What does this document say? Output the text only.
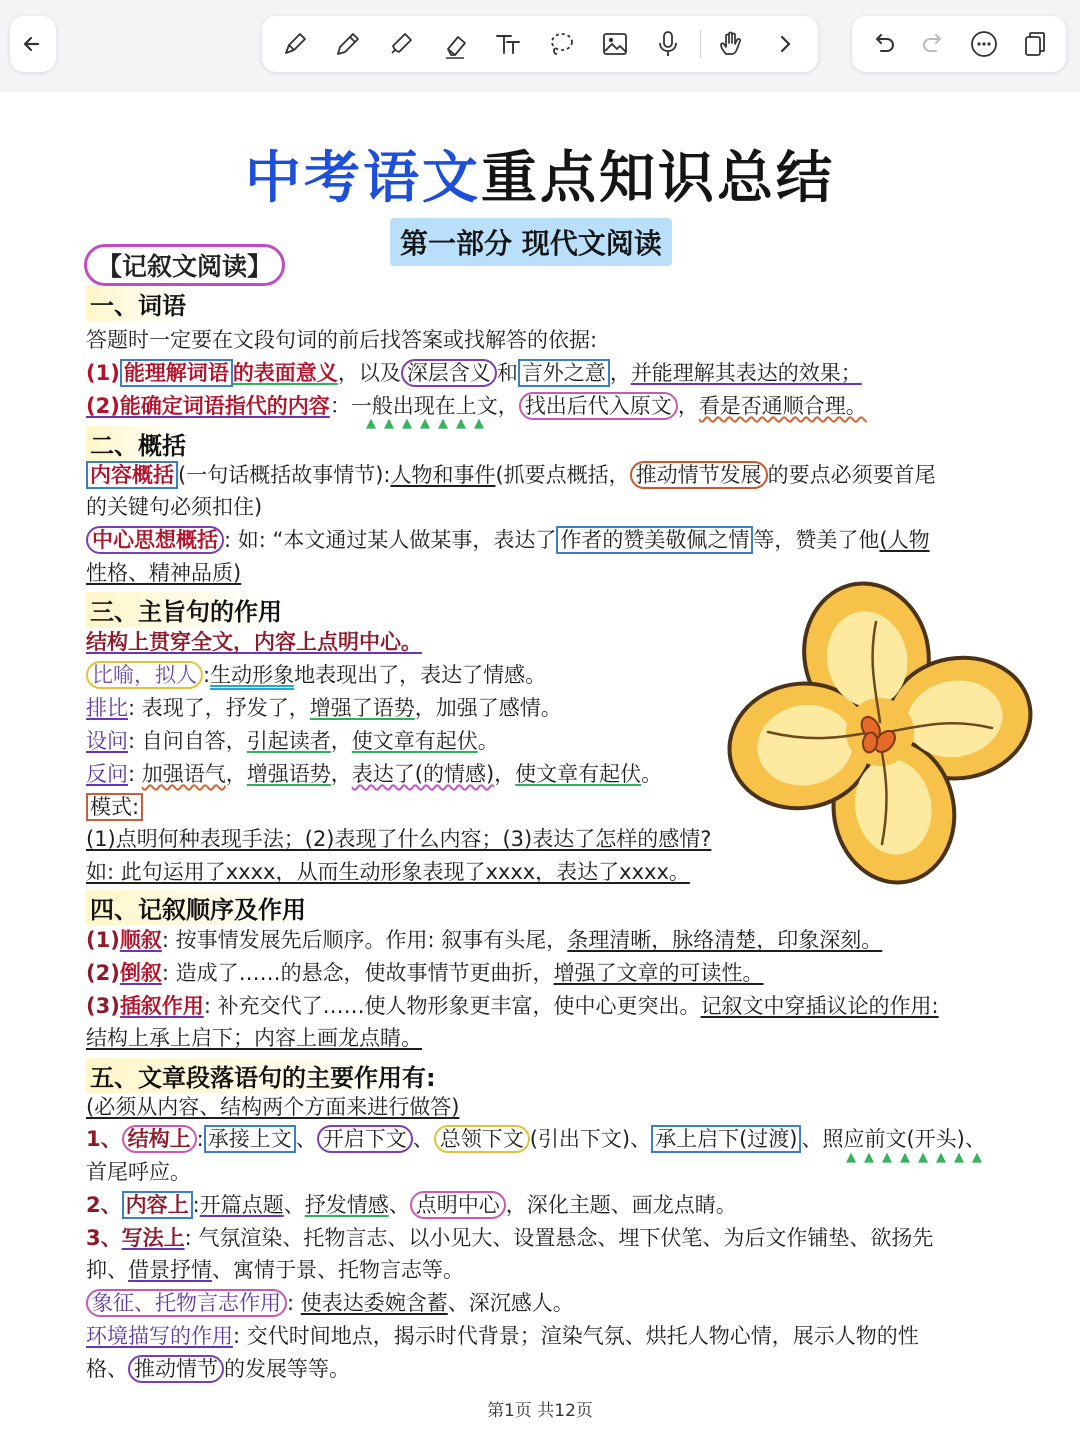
中考语文重点知识总结
第一部分 现代文阅读
【记叙文阅读】
一、词语
答题时一定要在文段句词的前后找答案或找解答的依据:
(1) 能理解词语 的表面意义，以及 深层含义 和 言外之意 ，并能理解其表达的效果；
(2)能确定词语指代的内容：一般出现在上文， 找出后代入原文 ，看是否通顺合理。
▲▲▲▲▲▲▲
二、概括
内容概括 (一句话概括故事情节):人物和事件(抓要点概括， 推动情节发展 的要点必须要首尾
的关键句必须扣住)
中心思想概括 : 如: “本文通过某人做某事，表达了 作者的赞美敬佩之情 等，赞美了他(人物
性格、精神品质)
三、主旨句的作用
结构上贯穿全文，内容上点明中心。
比喻，拟人 :生动形象地表现出了，表达了情感。
排比: 表现了，抒发了，增强了语势，加强了感情。
设问: 自问自答，引起读者，使文章有起伏。
反问: 加强语气，增强语势，表达了(的情感)，使文章有起伏。
模式:
(1)点明何种表现手法；(2)表现了什么内容；(3)表达了怎样的感情?
如: 此句运用了xxxx，从而生动形象表现了xxxx，表达了xxxx。
四、记叙顺序及作用
(1)顺叙: 按事情发展先后顺序。作用: 叙事有头尾，条理清晰，脉络清楚，印象深刻。
(2)倒叙: 造成了……的悬念，使故事情节更曲折，增强了文章的可读性。
(3)插叙作用: 补充交代了……使人物形象更丰富，使中心更突出。记叙文中穿插议论的作用:
结构上承上启下；内容上画龙点睛。
五、文章段落语句的主要作用有:
(必须从内容、结构两个方面来进行做答)
1、 结构上 : 承接上文 、 开启下文 、 总领下文 (引出下文)、 承上启下(过渡) 、照应前文(开头)、
▲▲▲▲▲▲▲▲
首尾呼应。
2、 内容上 :开篇点题、抒发情感、 点明中心 ，深化主题、画龙点睛。
3、写法上: 气氛渲染、托物言志、以小见大、设置悬念、埋下伏笔、为后文作铺垫、欲扬先
抑、借景抒情、寓情于景、托物言志等。
象征、托物言志作用 : 使表达委婉含蓄、深沉感人。
环境描写的作用: 交代时间地点，揭示时代背景；渲染气氛、烘托人物心情，展示人物的性
格、 推动情节 的发展等等。
第1页 共12页
